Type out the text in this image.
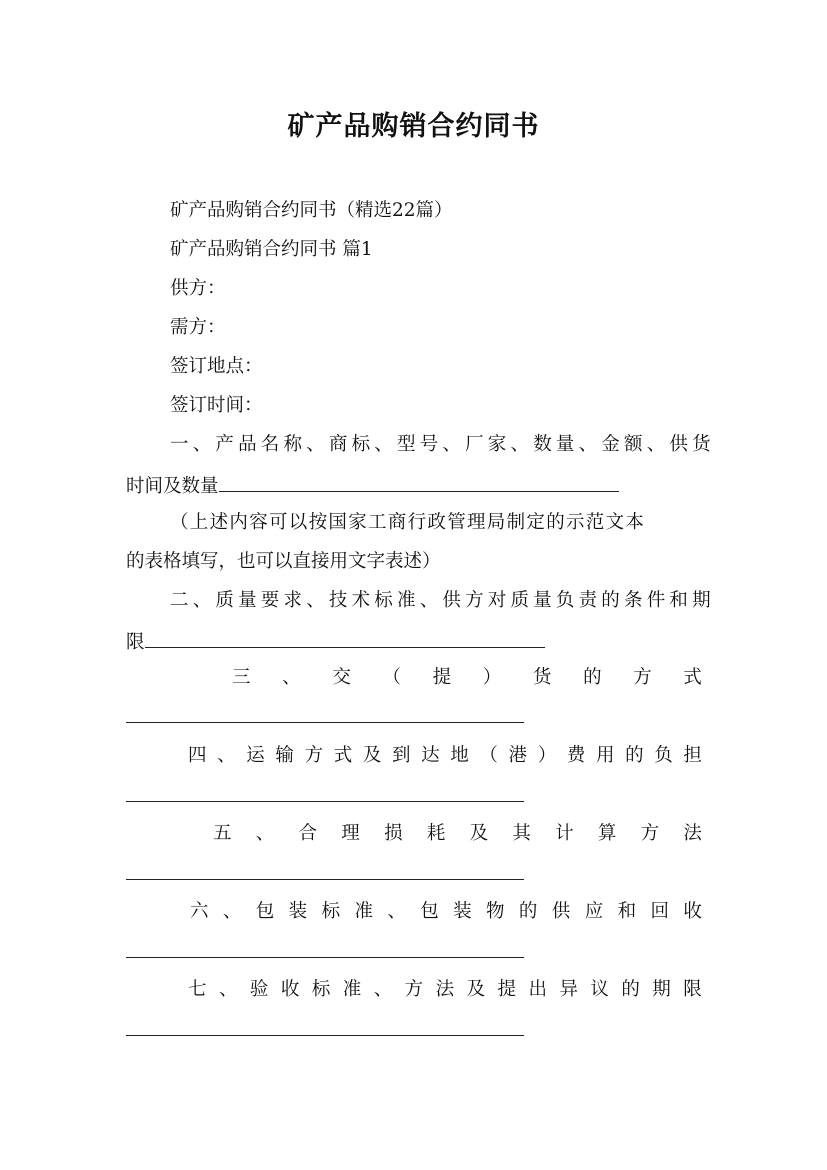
矿产品购销合约同书

矿产品购销合约同书（精选22篇）

矿产品购销合约同书 篇1

供方：

需方：

签订地点：

签订时间：

一、产品名称、商标、型号、厂家、数量、金额、供货

时间及数量

（上述内容可以按国家工商行政管理局制定的示范文本

的表格填写，也可以直接用文字表述）

二、质量要求、技术标准、供方对质量负责的条件和期

限

三 、 交 （ 提 ） 货 的 方 式

四 、 运 输 方 式 及 到 达 地 （ 港 ） 费 用 的 负 担

五 、 合 理 损 耗 及 其 计 算 方 法

六 、 包 装 标 准 、 包 装 物 的 供 应 和 回 收

七 、 验 收 标 准 、 方 法 及 提 出 异 议 的 期 限
